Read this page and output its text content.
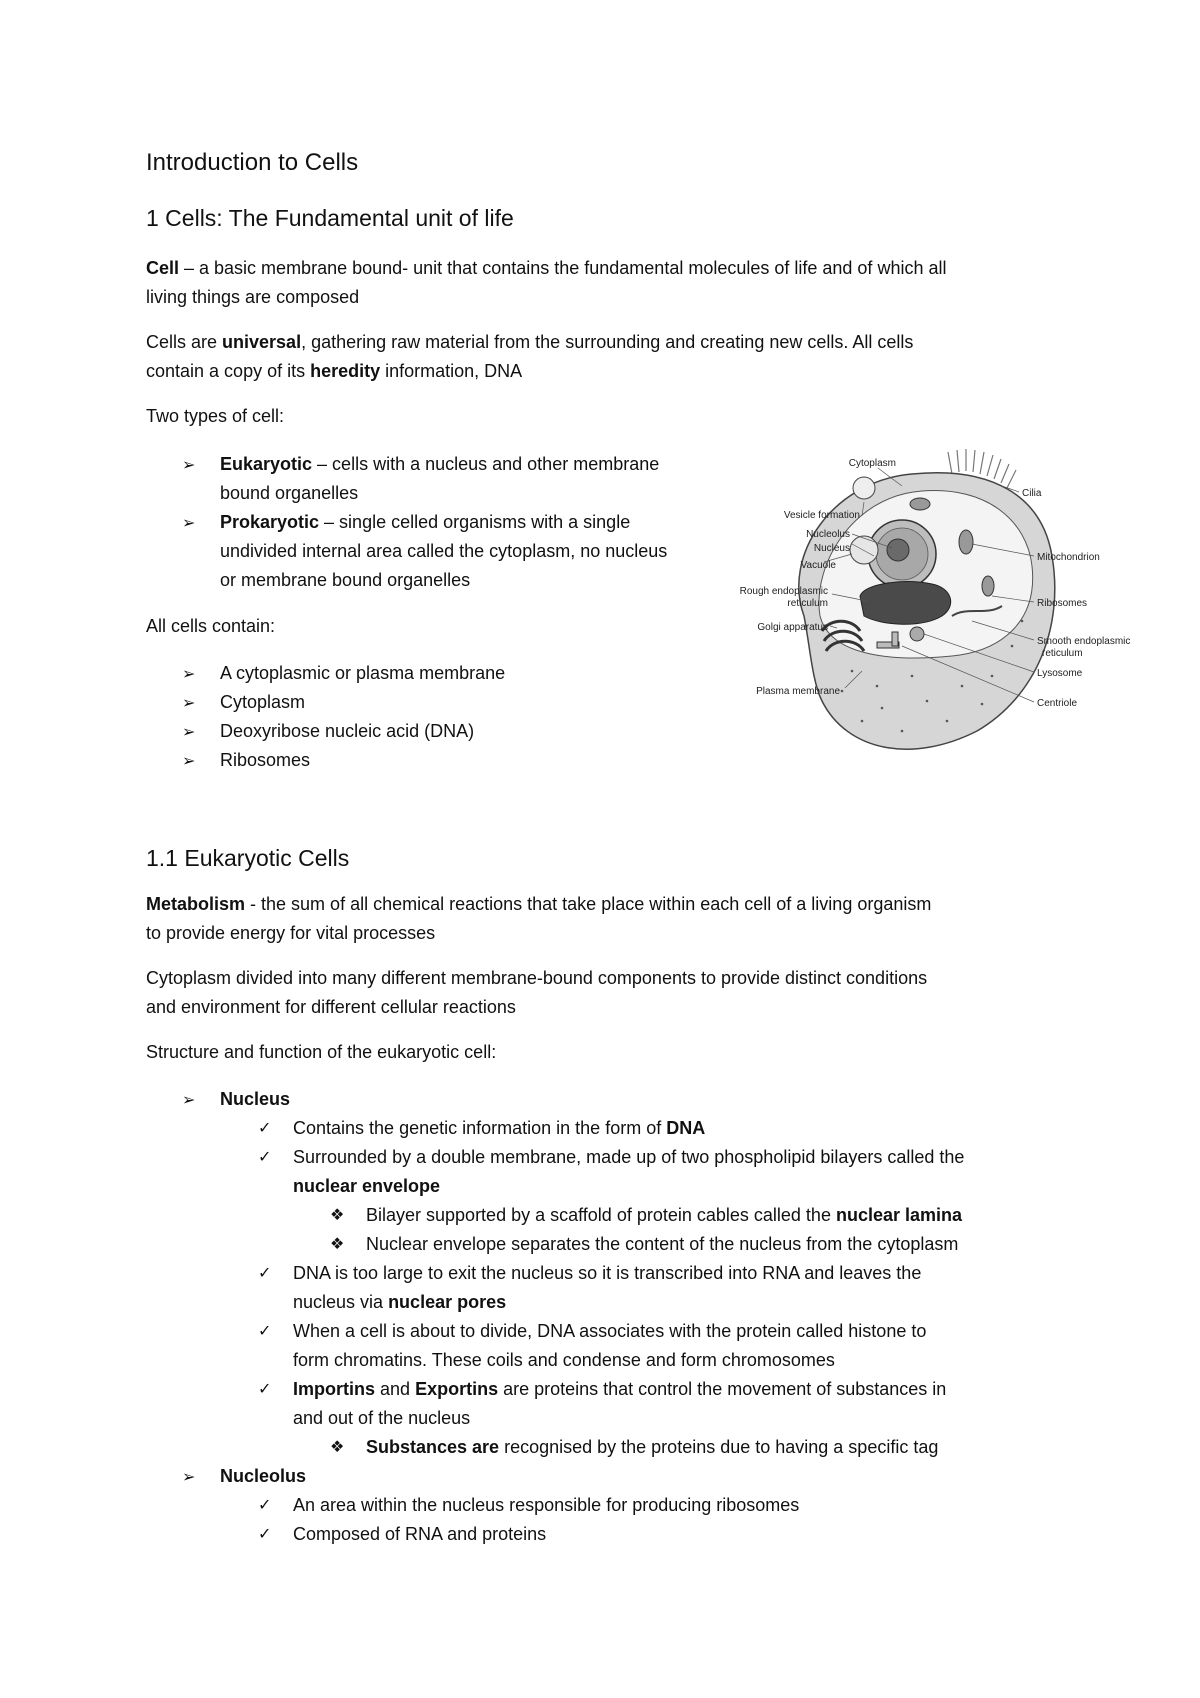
Introduction to Cells
1 Cells: The Fundamental unit of life
Cell – a basic membrane bound- unit that contains the fundamental molecules of life and of which all
living things are composed
Cells are universal, gathering raw material from the surrounding and creating new cells. All cells
contain a copy of its heredity information, DNA
Two types of cell:
➢ Eukaryotic – cells with a nucleus and other membrane
bound organelles
➢ Prokaryotic – single celled organisms with a single
undivided internal area called the cytoplasm, no nucleus
or membrane bound organelles
All cells contain:
➢ A cytoplasmic or plasma membrane
➢ Cytoplasm
➢ Deoxyribose nucleic acid (DNA)
➢ Ribosomes
Cytoplasm
Vesicle formation
Nucleolus
Nucleus
Vacuole
Rough endoplasmic
reticulum
Golgi apparatus
Plasma membrane
Cilia
Mitochondrion
Ribosomes
Smooth endoplasmic
reticulum
Lysosome
Centriole
1.1 Eukaryotic Cells
Metabolism - the sum of all chemical reactions that take place within each cell of a living organism
to provide energy for vital processes
Cytoplasm divided into many different membrane-bound components to provide distinct conditions
and environment for different cellular reactions
Structure and function of the eukaryotic cell:
➢ Nucleus
✓ Contains the genetic information in the form of DNA
✓ Surrounded by a double membrane, made up of two phospholipid bilayers called the
nuclear envelope
❖ Bilayer supported by a scaffold of protein cables called the nuclear lamina
❖ Nuclear envelope separates the content of the nucleus from the cytoplasm
✓ DNA is too large to exit the nucleus so it is transcribed into RNA and leaves the
nucleus via nuclear pores
✓ When a cell is about to divide, DNA associates with the protein called histone to
form chromatins. These coils and condense and form chromosomes
✓ Importins and Exportins are proteins that control the movement of substances in
and out of the nucleus
❖ Substances are recognised by the proteins due to having a specific tag
➢ Nucleolus
✓ An area within the nucleus responsible for producing ribosomes
✓ Composed of RNA and proteins
